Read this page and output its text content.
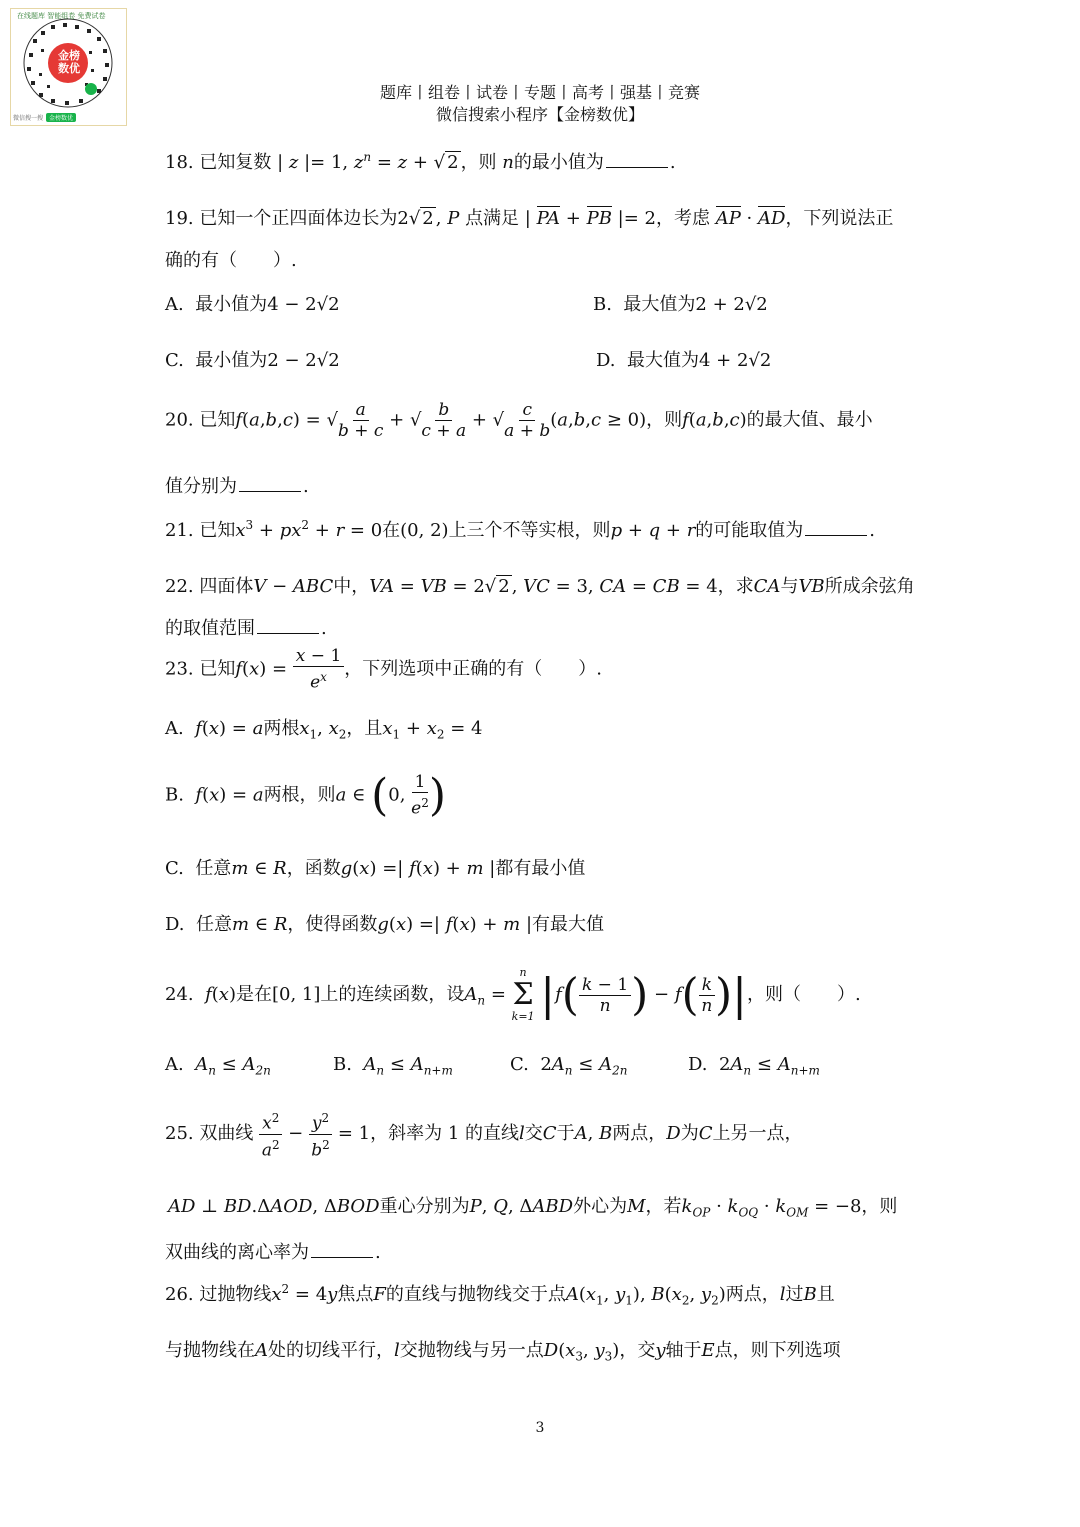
在线题库 智能组卷 免费试卷
金榜
数优
微信搜一搜	金榜数优
题库丨组卷丨试卷丨专题丨高考丨强基丨竞赛
微信搜索小程序【金榜数优】
18. 已知复数 | z |= 1, $z^n = z$ + √ 2 ，则 n的最小值为	.
19. 已知一个正四面体边长为2√ 2 , P 点满足 | PA + PB |= 2，考虑 AP · AD，下列说法正
确的有（　　）.
A. 最小值为4 − 2√2	B. 最大值为2 + 2√2
C. 最小值为2 − 2√2	D. 最大值为4 + 2√2
20. 已知f(a,b,c) = √ $\frac{a}{b + c}$ + √ $\frac{b}{c + a}$ + √ $\frac{c}{a + b} (a,b,c \ge 0)$，则f(a,b,c)的最大值、最小
值分别为	.
21. 已知$x^3 + px^2 + r = 0$在(0, 2)上三个不等实根，则p + q + r的可能取值为	.
22. 四面体V − ABC中，VA = VB = 2√ 2 , VC = 3, CA = CB = 4，求CA与VB所成余弦角
的取值范围	.
23. 已知$f(x) = \frac{x - 1}{e^x}$ ，下列选项中正确的有（　　）.
A. f(x) = a两根$x_1$, $x_2$，且$x_1 + x_2 = 4$
B. f(x) = a两根，则a ∈ (0, $\frac{1}{e^2}$ )
C. 任意m ∈ R，函数g(x) =| f(x) + m |都有最小值
D. 任意m ∈ R，使得函数g(x) =| f(x) + m |有最大值
24. f(x)是在[0, 1]上的连续函数，设$A_n$ =
n
Σ
k=1 $|f( \frac{k - 1}{n}$ ) − $f( \frac{k}{n}$ )|，则（　　）.
A. $A_n \le A_{2n}$	B. $A_n \le A_{n+m}$	C. $2A_n \le A_{2n}$	D. $2A_n \le A_{n+m}$
25. 双曲线 $\frac{x^2}{a^2} - \frac{y^2}{b^2} = 1$，斜率为 1 的直线l交C于A, B两点，D为C上另一点，
AD ⊥ BD.ΔAOD, ΔBOD重心分别为P, Q, ΔABD外心为M，若$k_{OP} \cdot k_{OQ} \cdot k_{OM} = -8$，则
双曲线的离心率为	.
26. 过抛物线$x^2 = 4y$焦点F的直线与抛物线交于点$A(x_1$, $y_1$), $B(x_2$, $y_2$)两点，l过B且
与抛物线在A处的切线平行，l交抛物线与另一点$D(x_3$, $y_3$)，交y轴于E点，则下列选项
3
